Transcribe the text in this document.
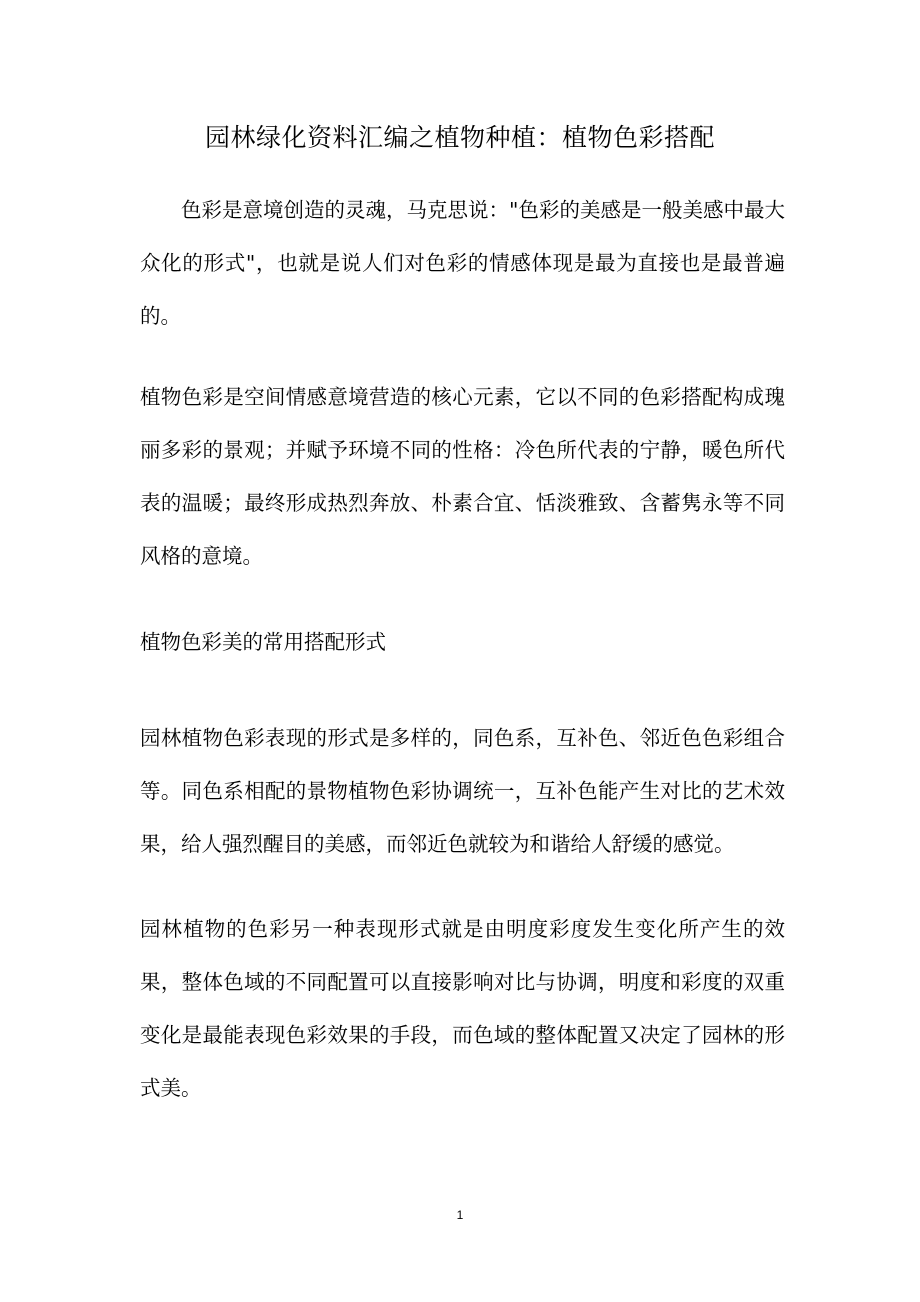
园林绿化资料汇编之植物种植：植物色彩搭配

色彩是意境创造的灵魂，马克思说："色彩的美感是一般美感中最大众化的形式"，也就是说人们对色彩的情感体现是最为直接也是最普遍的。

植物色彩是空间情感意境营造的核心元素，它以不同的色彩搭配构成瑰丽多彩的景观；并赋予环境不同的性格：冷色所代表的宁静，暖色所代表的温暖；最终形成热烈奔放、朴素合宜、恬淡雅致、含蓄隽永等不同风格的意境。

植物色彩美的常用搭配形式

园林植物色彩表现的形式是多样的，同色系，互补色、邻近色色彩组合等。同色系相配的景物植物色彩协调统一，互补色能产生对比的艺术效果，给人强烈醒目的美感，而邻近色就较为和谐给人舒缓的感觉。

园林植物的色彩另一种表现形式就是由明度彩度发生变化所产生的效果，整体色域的不同配置可以直接影响对比与协调，明度和彩度的双重变化是最能表现色彩效果的手段，而色域的整体配置又决定了园林的形式美。

1
